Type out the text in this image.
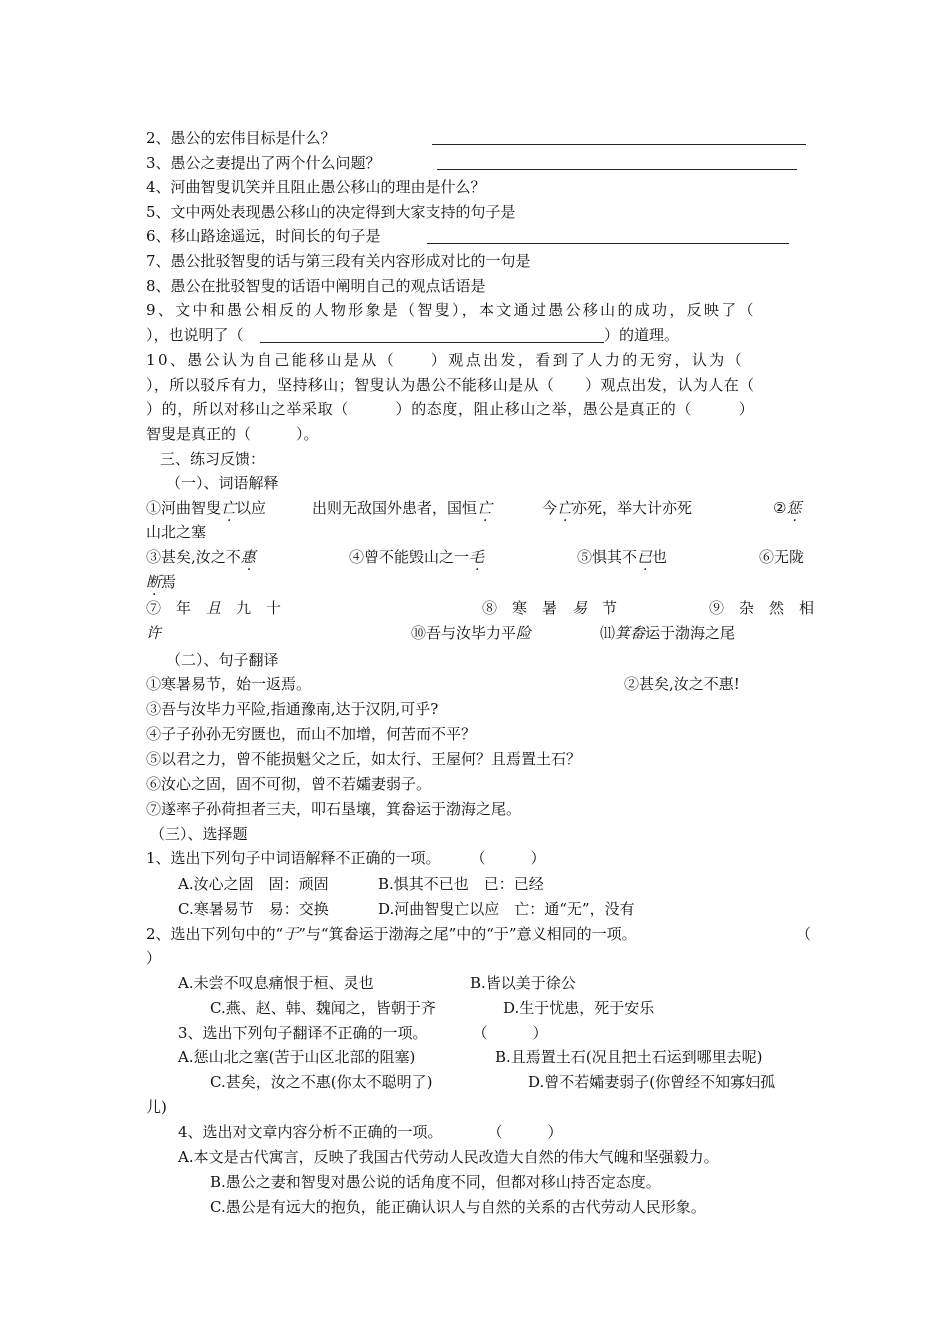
2、愚公的宏伟目标是什么？
3、愚公之妻提出了两个什么问题？
4、河曲智叟讥笑并且阻止愚公移山的理由是什么？
5、文中两处表现愚公移山的决定得到大家支持的句子是
6、移山路途遥远，时间长的句子是
7、愚公批驳智叟的话与第三段有关内容形成对比的一句是
8、愚公在批驳智叟的话语中阐明自己的观点话语是
9、文中和愚公相反的人物形象是（智叟），本文通过愚公移山的成功，反映了（
），也说明了（	）的道理。
10、愚公认为自己能移山是从（　　）观点出发，看到了人力的无穷，认为（
），所以驳斥有力，坚持移山；智叟认为愚公不能移山是从（　　）观点出发，认为人在（
）的，所以对移山之举采取（　　　）的态度，阻止移山之举，愚公是真正的（　　　）
智叟是真正的（　　　）。
三、练习反馈：
（一）、词语解释
①河曲智叟亡以应	出则无敌国外患者，国恒亡	今亡亦死，举大计亦死	②惩
山北之塞
③甚矣,汝之不惠	④曾不能毁山之一毛	⑤惧其不已也	⑥无陇
断焉
⑦　年　且　九　十	⑧　寒　暑　易　节	⑨　杂　然　相
许	⑩吾与汝毕力平险	⑾箕畚运于渤海之尾
（二）、句子翻译
①寒暑易节，始一返焉。	②甚矣,汝之不惠!
③吾与汝毕力平险,指通豫南,达于汉阴,可乎?
④子子孙孙无穷匮也，而山不加增，何苦而不平？
⑤以君之力，曾不能损魁父之丘，如太行、王屋何？且焉置土石？
⑥汝心之固，固不可彻，曾不若孀妻弱子。
⑦遂率子孙荷担者三夫，叩石垦壤，箕畚运于渤海之尾。
（三）、选择题
1、选出下列句子中词语解释不正确的一项。　　　（　　　）
A.汝心之固　固：顽固	B.惧其不已也　已：已经
C.寒暑易节　易：交换	D.河曲智叟亡以应　亡：通“无”，没有
2、选出下列句中的“于”与“箕畚运于渤海之尾”中的“于”意义相同的一项。	（
）
A.未尝不叹息痛恨于桓、灵也	B.皆以美于徐公
C.燕、赵、韩、魏闻之，皆朝于齐	D.生于忧患，死于安乐
3、选出下列句子翻译不正确的一项。　　　　（　　　）
A.惩山北之塞(苦于山区北部的阻塞)	B.且焉置土石(况且把土石运到哪里去呢)
C.甚矣，汝之不惠(你太不聪明了)	D.曾不若孀妻弱子(你曾经不知寡妇孤
儿)
4、选出对文章内容分析不正确的一项。　　　　（　　　）
A.本文是古代寓言，反映了我国古代劳动人民改造大自然的伟大气魄和坚强毅力。
B.愚公之妻和智叟对愚公说的话角度不同，但都对移山持否定态度。
C.愚公是有远大的抱负，能正确认识人与自然的关系的古代劳动人民形象。
